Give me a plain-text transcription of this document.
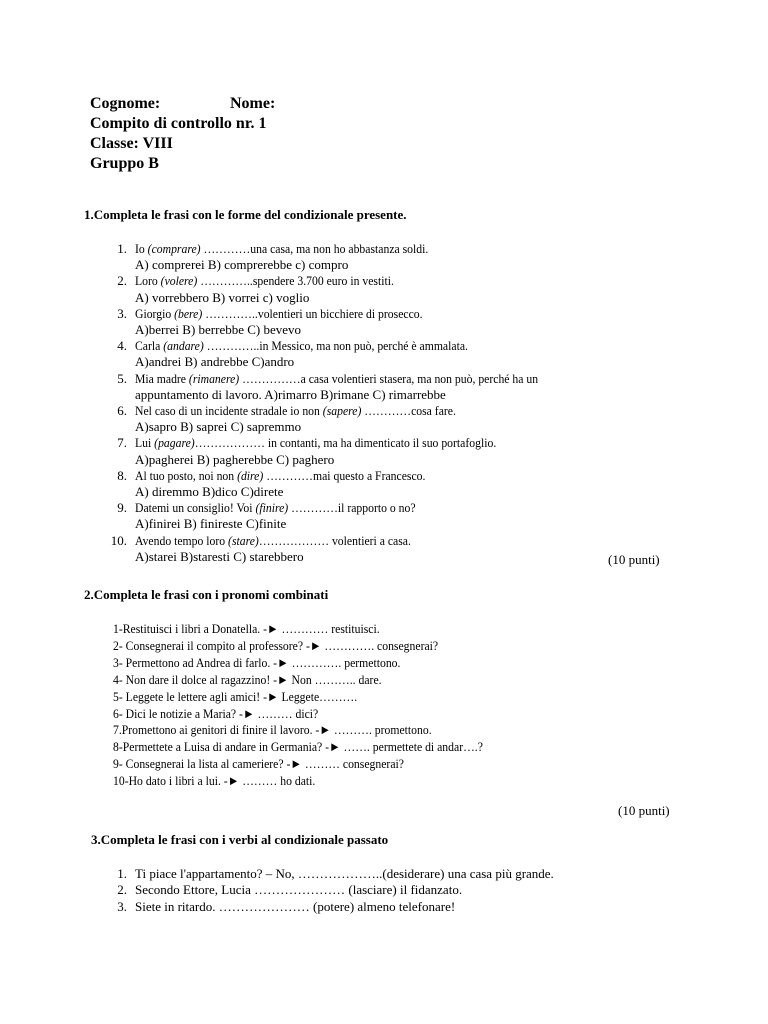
Cognome:	Nome:
Compito di controllo nr. 1
Classe: VIII
Gruppo B
1.Completa le frasi con le forme del condizionale presente.
1. Io (comprare) …………una casa, ma non ho abbastanza soldi.
A) comprerei B) comprerebbe c) compro
2. Loro (volere) …………..spendere 3.700 euro in vestiti.
A) vorrebbero B) vorrei c) voglio
3. Giorgio (bere) …………..volentieri un bicchiere di prosecco.
A)berrei B) berrebbe C) bevevo
4. Carla (andare) …………..in Messico, ma non può, perché è ammalata.
A)andrei B) andrebbe C)andro
5. Mia madre (rimanere) ……………a casa volentieri stasera, ma non può, perché ha un
appuntamento di lavoro. A)rimarro B)rimane C) rimarrebbe
6. Nel caso di un incidente stradale io non (sapere) …………cosa fare.
A)sapro B) saprei C) sapremmo
7. Lui (pagare)……………… in contanti, ma ha dimenticato il suo portafoglio.
A)pagherei B) pagherebbe C) paghero
8. Al tuo posto, noi non (dire) …………mai questo a Francesco.
A) diremmo B)dico C)direte
9. Datemi un consiglio! Voi (finire) …………il rapporto o no?
A)finirei B) finireste C)finite
10. Avendo tempo loro (stare)……………… volentieri a casa.
A)starei B)staresti C) starebbero	(10 punti)
2.Completa le frasi con i pronomi combinati
1-Restituisci i libri a Donatella. -► ………… restituisci.
2- Consegnerai il compito al professore? -► …………. consegnerai?
3- Permettono ad Andrea di farlo. -► …………. permettono.
4- Non dare il dolce al ragazzino! -► Non ……….. dare.
5- Leggete le lettere agli amici! -► Leggete……….
6- Dici le notizie a Maria? -► ……… dici?
7.Promettono ai genitori di finire il lavoro. -► ………. promettono.
8-Permettete a Luisa di andare in Germania? -► ……. permettete di andar….?
9- Consegnerai la lista al cameriere? -► ……… consegnerai?
10-Ho dato i libri a lui. -► ……… ho dati.
(10 punti)
3.Completa le frasi con i verbi al condizionale passato
1. Ti piace l'appartamento? – No, ………………..(desiderare) una casa più grande.
2. Secondo Ettore, Lucia ………………… (lasciare) il fidanzato.
3. Siete in ritardo. ………………… (potere) almeno telefonare!
